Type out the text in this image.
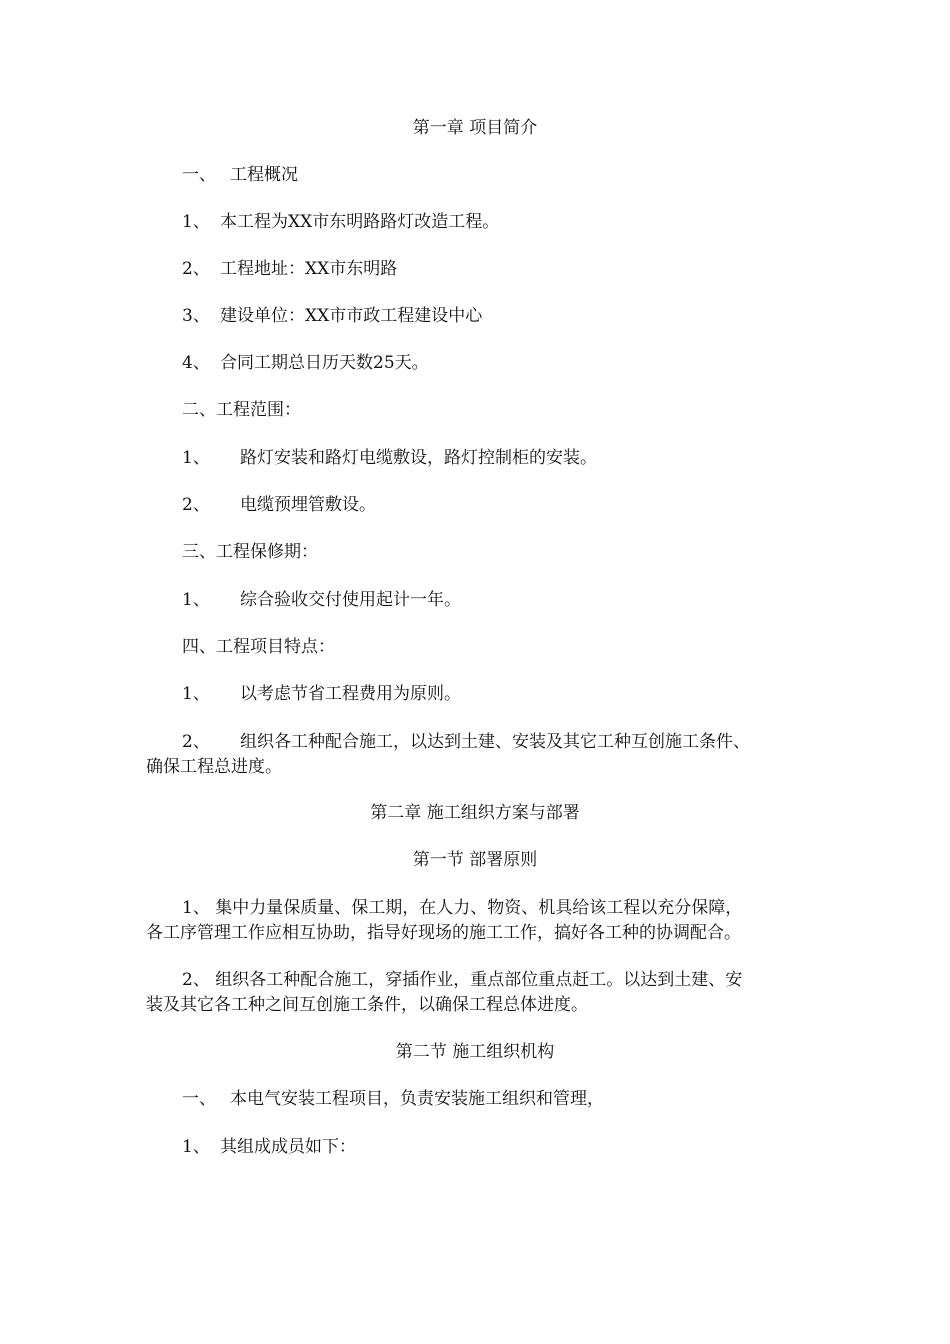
第一章 项目简介
一、 工程概况
1、 本工程为XX市东明路路灯改造工程。
2、 工程地址：XX市东明路
3、 建设单位：XX市市政工程建设中心
4、 合同工期总日历天数25天。
二、工程范围：
1、 路灯安装和路灯电缆敷设，路灯控制柜的安装。
2、 电缆预埋管敷设。
三、工程保修期：
1、 综合验收交付使用起计一年。
四、工程项目特点：
1、 以考虑节省工程费用为原则。
2、 组织各工种配合施工，以达到土建、安装及其它工种互创施工条件、
确保工程总进度。
第二章 施工组织方案与部署
第一节 部署原则
1、 集中力量保质量、保工期，在人力、物资、机具给该工程以充分保障，
各工序管理工作应相互协助，指导好现场的施工工作，搞好各工种的协调配合。
2、 组织各工种配合施工，穿插作业，重点部位重点赶工。以达到土建、安
装及其它各工种之间互创施工条件，以确保工程总体进度。
第二节 施工组织机构
一、 本电气安装工程项目，负责安装施工组织和管理，
1、 其组成成员如下：
